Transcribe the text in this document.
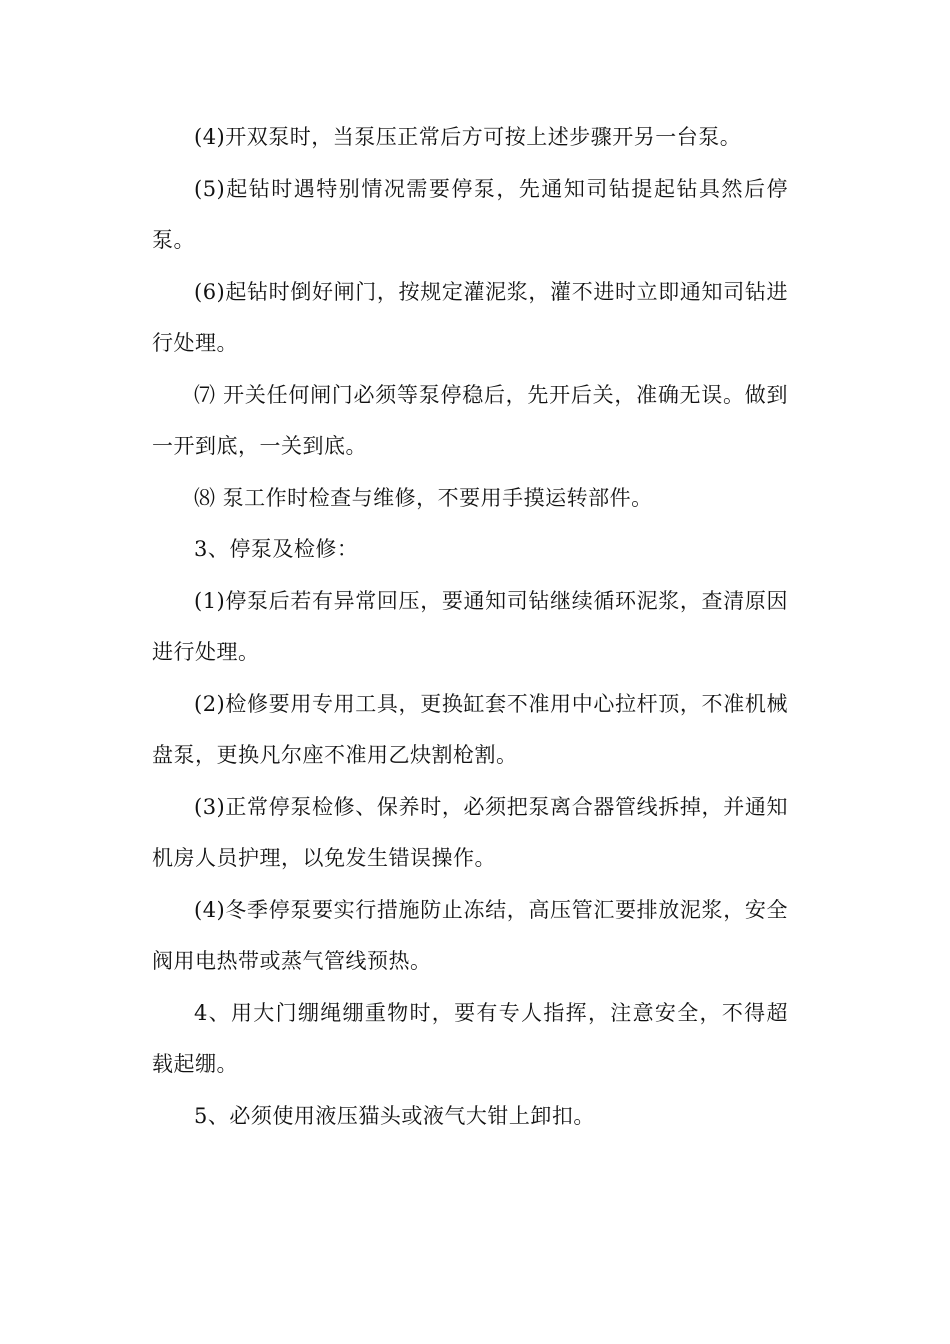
(4)开双泵时，当泵压正常后方可按上述步骤开另一台泵。

(5)起钻时遇特别情况需要停泵，先通知司钻提起钻具然后停泵。

(6)起钻时倒好闸门，按规定灌泥浆，灌不进时立即通知司钻进行处理。

⑺ 开关任何闸门必须等泵停稳后，先开后关，准确无误。做到一开到底，一关到底。

⑻ 泵工作时检查与维修，不要用手摸运转部件。

3、停泵及检修：

(1)停泵后若有异常回压，要通知司钻继续循环泥浆，查清原因进行处理。

(2)检修要用专用工具，更换缸套不准用中心拉杆顶，不准机械盘泵，更换凡尔座不准用乙炔割枪割。

(3)正常停泵检修、保养时，必须把泵离合器管线拆掉，并通知机房人员护理，以免发生错误操作。

(4)冬季停泵要实行措施防止冻结，高压管汇要排放泥浆，安全阀用电热带或蒸气管线预热。

4、用大门绷绳绷重物时，要有专人指挥，注意安全，不得超载起绷。

5、必须使用液压猫头或液气大钳上卸扣。
